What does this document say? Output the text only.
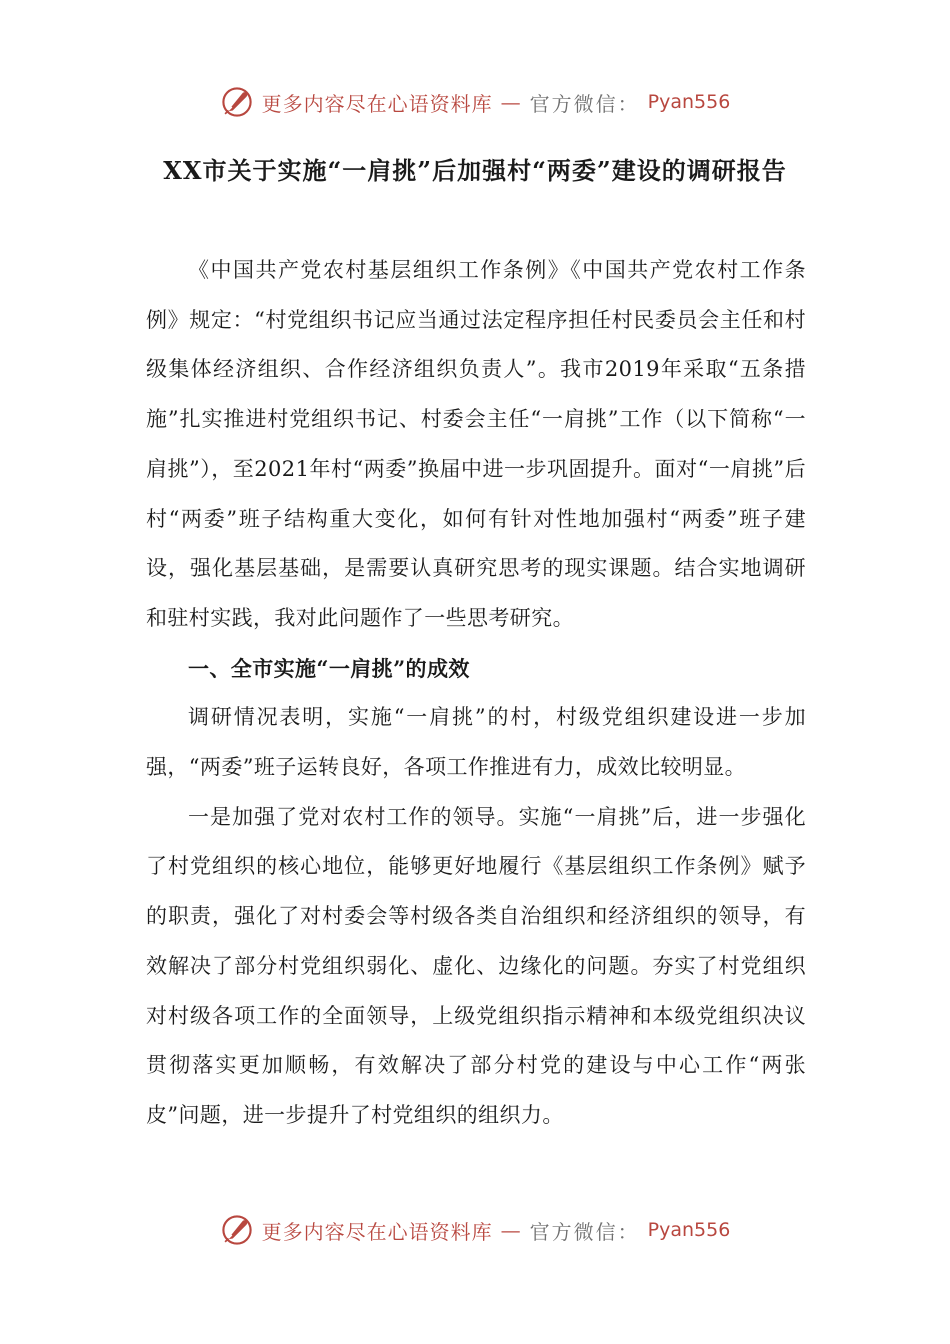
更多内容尽在心语资料库 — 官方微信： Pyan556
XX市关于实施“一肩挑”后加强村“两委”建设的调研报告

《中国共产党农村基层组织工作条例》《中国共产党农村工作条例》规定：“村党组织书记应当通过法定程序担任村民委员会主任和村级集体经济组织、合作经济组织负责人”。我市2019年采取“五条措施”扎实推进村党组织书记、村委会主任“一肩挑”工作（以下简称“一肩挑”），至2021年村“两委”换届中进一步巩固提升。面对“一肩挑”后村“两委”班子结构重大变化，如何有针对性地加强村“两委”班子建设，强化基层基础，是需要认真研究思考的现实课题。结合实地调研和驻村实践，我对此问题作了一些思考研究。

一、全市实施“一肩挑”的成效

调研情况表明，实施“一肩挑”的村，村级党组织建设进一步加强，“两委”班子运转良好，各项工作推进有力，成效比较明显。

一是加强了党对农村工作的领导。实施“一肩挑”后，进一步强化了村党组织的核心地位，能够更好地履行《基层组织工作条例》赋予的职责，强化了对村委会等村级各类自治组织和经济组织的领导，有效解决了部分村党组织弱化、虚化、边缘化的问题。夯实了村党组织对村级各项工作的全面领导，上级党组织指示精神和本级党组织决议贯彻落实更加顺畅，有效解决了部分村党的建设与中心工作“两张皮”问题，进一步提升了村党组织的组织力。

更多内容尽在心语资料库 — 官方微信： Pyan556
